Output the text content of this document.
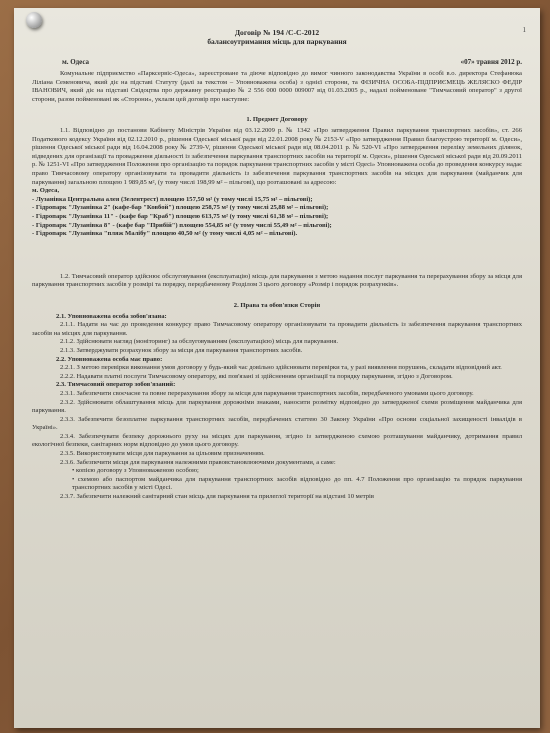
1
Договір № 194 /С-С-2012
балансоутримання місць для паркування
м. Одеса	«07» травня 2012 р.

Комунальне підприємство «Парксервіс-Одеса», зареєстроване та діюче відповідно до вимог чинного законодавства України в особі в.о. директора Стефанюка Ліліана Семеновича, який діє на підставі Статуту (далі за текстом – Уповноважена особа) з однієї сторони, та ФІЗИЧНА ОСОБА-ПІДПРИЄМЕЦЬ ЖЕЛЯСКО ФЕДІР ІВАНОВИЧ, який діє на підставі Свідоцтва про державну реєстрацію № 2 556 000 0000 009007 від 01.03.2005 р., надалі пойменоване "Тимчасовий оператор" з другої сторони, разом пойменовані як «Сторони», уклали цей договір про наступне:

1. Предмет Договору

1.1. Відповідно до постанови Кабінету Міністрів України від 03.12.2009 р. № 1342 «Про затвердження Правил паркування транспортних засобів», ст. 266 Податкового кодексу України від 02.12.2010 р., рішення Одеської міської ради від 22.01.2008 року № 2153-V «Про затвердження Правил благоустрою території м. Одеси», рішення Одеської міської ради від 16.04.2008 року № 2739-V, рішення Одеської міської ради від 08.04.2011 р. № 520-VI «Про затвердження переліку земельних ділянок, відведених для організації та провадження діяльності із забезпечення паркування транспортних засобів на території м. Одеси», рішення Одеської міської ради від 20.09.2011 р. № 1251-VI «Про затвердження Положення про організацію та порядок паркування транспортних засобів у місті Одесі» Уповноважена особа до проведення конкурсу надає право Тимчасовому оператору організовувати та провадити діяльність із забезпечення паркування транспортних засобів на місцях для паркування (майданчик для паркування) загальною площею 1 989,85 м², (у тому числі 198,99 м² – пільгові), що розташовані за адресою:

м. Одеса,

- Лузанівка Центральна алея (Зелентрест) площею 157,50 м² (у тому числі 15,75 м² – пільгові);

- Гідропарк "Лузанівка 2" (кафе-бар "Ковбой") площею 258,75 м² (у тому числі 25,88 м² – пільгові);

- Гідропарк "Лузанівка 11" - (кафе бар "Краб") площею 613,75 м² (у тому числі 61,38 м² – пільгові);

- Гідропарк "Лузанівка 8" - (кафе бар "Прибій") площею 554,85 м² (у тому числі 55,49 м² – пільгові);

- Гідропарк "Лузанівка "пляж Малібу" площею 40,50 м² (у тому числі 4,05 м² – пільгові).

1.2. Тимчасовий оператор здійснює обслуговування (експлуатацію) місць для паркування з метою надання послуг паркування та перерахування збору за місця для паркування транспортних засобів у розмірі та порядку, передбаченому Розділом 3 цього договору «Розмір і порядок розрахунків».

2. Права та обов'язки Сторін

2.1. Уповноважена особа зобов'язана:

2.1.1. Надати на час до проведення конкурсу право Тимчасовому оператору організовувати та провадити діяльність із забезпечення паркування транспортних засобів на місцях для паркування.

2.1.2. Здійснювати нагляд (моніторинг) за обслуговуванням (експлуатацією) місць для паркування.

2.1.3. Затверджувати розрахунок збору за місця для паркування транспортних засобів.

2.2. Уповноважена особа має право:

2.2.1. З метою перевірки виконання умов договору у будь-який час довільно здійснювати перевірки та, у разі виявлення порушень, складати відповідний акт.

2.2.2. Надавати платні послуги Тимчасовому оператору, які пов'язані зі здійсненням організації та порядку паркування, згідно з Договором.

2.3. Тимчасовий оператор зобов'язаний:

2.3.1. Забезпечити своєчасне та повне перерахування збору за місця для паркування транспортних засобів, передбаченого умовами цього договору.

2.3.2. Здійснювати облаштування місць для паркування дорожніми знаками, наносити розмітку відповідно до затвердженої схеми розміщення майданчика для паркування.

2.3.3. Забезпечити безоплатне паркування транспортних засобів, передбачених статтею 30 Закону України «Про основи соціальної захищеності інвалідів в Україні».

2.3.4. Забезпечувати безпеку дорожнього руху на місцях для паркування, згідно із затвердженою схемою розташування майданчику, дотримання правил екологічної безпеки, санітарних норм відповідно до умов цього договору.

2.3.5. Використовувати місця для паркування за цільовим призначенням.

2.3.6. Забезпечити місця для паркування належними правовстановлюючими документами, а саме:

• копією договору з Уповноваженою особою;

• схемою або паспортом майданчика для паркування транспортних засобів відповідно до пп. 4.7 Положення про організацію та порядок паркування транспортних засобів у місті Одесі.

2.3.7. Забезпечити належний санітарний стан місць для паркування та прилеглої території на відстані 10 метрів
